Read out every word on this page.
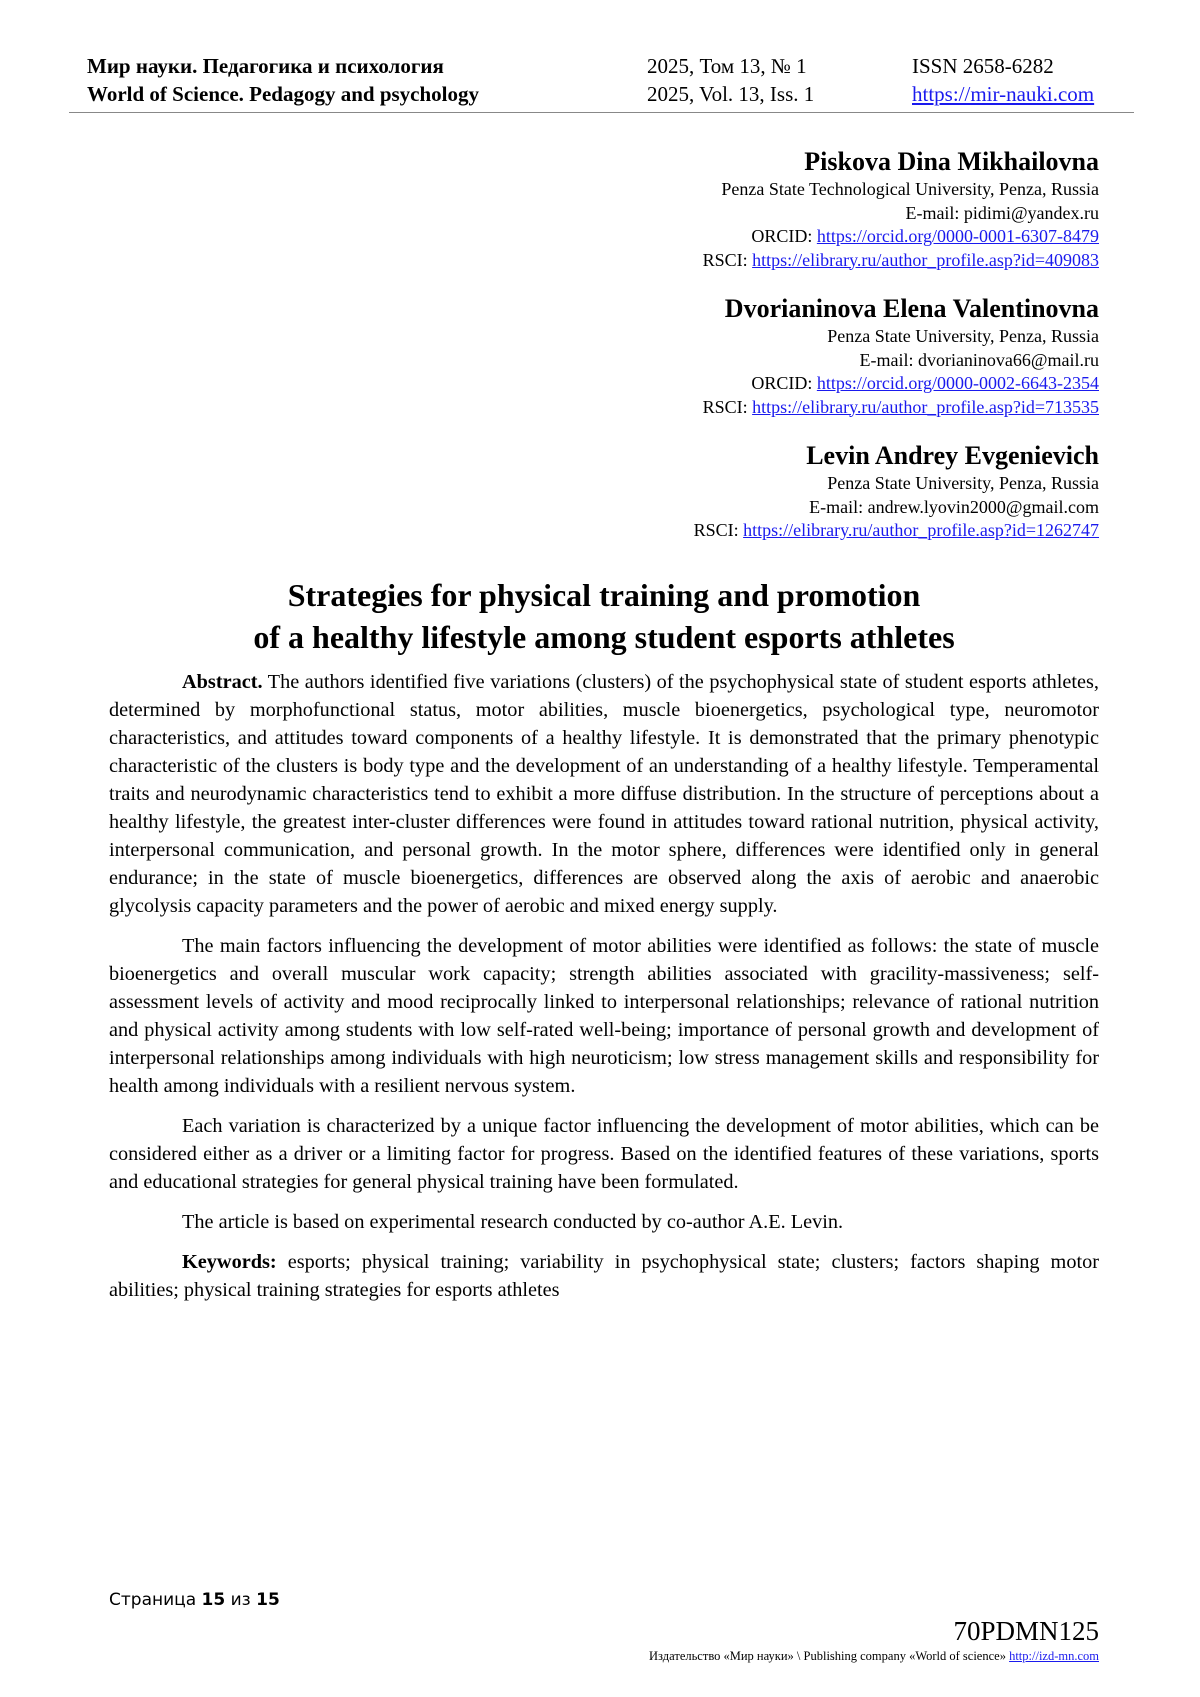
Мир науки. Педагогика и психология
World of Science. Pedagogy and psychology
2025, Том 13, № 1
2025, Vol. 13, Iss. 1
ISSN 2658-6282
https://mir-nauki.com
Piskova Dina Mikhailovna
Penza State Technological University, Penza, Russia
E-mail: pidimi@yandex.ru
ORCID: https://orcid.org/0000-0001-6307-8479
RSCI: https://elibrary.ru/author_profile.asp?id=409083
Dvorianinova Elena Valentinovna
Penza State University, Penza, Russia
E-mail: dvorianinova66@mail.ru
ORCID: https://orcid.org/0000-0002-6643-2354
RSCI: https://elibrary.ru/author_profile.asp?id=713535
Levin Andrey Evgenievich
Penza State University, Penza, Russia
E-mail: andrew.lyovin2000@gmail.com
RSCI: https://elibrary.ru/author_profile.asp?id=1262747
Strategies for physical training and promotion
of a healthy lifestyle among student esports athletes

Abstract. The authors identified five variations (clusters) of the psychophysical state of student esports athletes, determined by morphofunctional status, motor abilities, muscle bioenergetics, psychological type, neuromotor characteristics, and attitudes toward components of a healthy lifestyle. It is demonstrated that the primary phenotypic characteristic of the clusters is body type and the development of an understanding of a healthy lifestyle. Temperamental traits and neurodynamic characteristics tend to exhibit a more diffuse distribution. In the structure of perceptions about a healthy lifestyle, the greatest inter-cluster differences were found in attitudes toward rational nutrition, physical activity, interpersonal communication, and personal growth. In the motor sphere, differences were identified only in general endurance; in the state of muscle bioenergetics, differences are observed along the axis of aerobic and anaerobic glycolysis capacity parameters and the power of aerobic and mixed energy supply.

The main factors influencing the development of motor abilities were identified as follows: the state of muscle bioenergetics and overall muscular work capacity; strength abilities associated with gracility-massiveness; self-assessment levels of activity and mood reciprocally linked to interpersonal relationships; relevance of rational nutrition and physical activity among students with low self-rated well-being; importance of personal growth and development of interpersonal relationships among individuals with high neuroticism; low stress management skills and responsibility for health among individuals with a resilient nervous system.

Each variation is characterized by a unique factor influencing the development of motor abilities, which can be considered either as a driver or a limiting factor for progress. Based on the identified features of these variations, sports and educational strategies for general physical training have been formulated.

The article is based on experimental research conducted by co-author A.E. Levin.

Keywords: esports; physical training; variability in psychophysical state; clusters; factors shaping motor abilities; physical training strategies for esports athletes

Страница 15 из 15
70PDMN125
Издательство «Мир науки» \ Publishing company «World of science» http://izd-mn.com
